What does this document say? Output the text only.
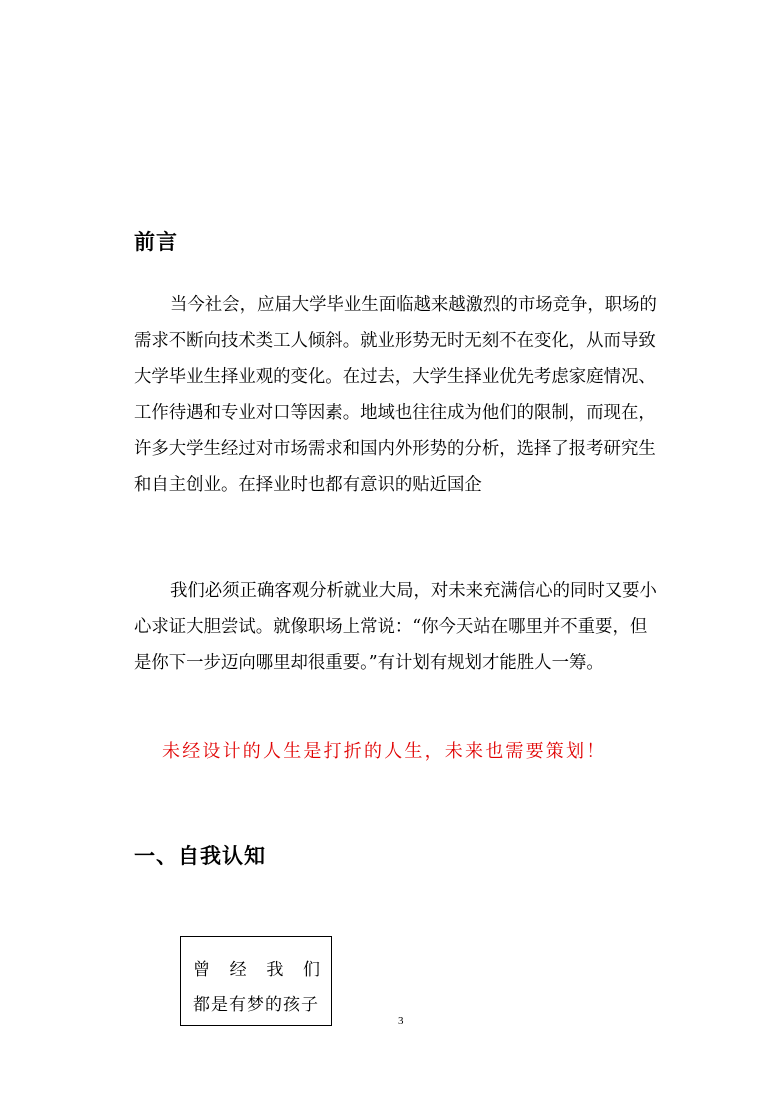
前言
当今社会，应届大学毕业生面临越来越激烈的市场竞争，职场的
需求不断向技术类工人倾斜。就业形势无时无刻不在变化，从而导致
大学毕业生择业观的变化。在过去，大学生择业优先考虑家庭情况、
工作待遇和专业对口等因素。地域也往往成为他们的限制，而现在，
许多大学生经过对市场需求和国内外形势的分析，选择了报考研究生
和自主创业。在择业时也都有意识的贴近国企
我们必须正确客观分析就业大局，对未来充满信心的同时又要小
心求证大胆尝试。就像职场上常说：“你今天站在哪里并不重要，但
是你下一步迈向哪里却很重要。”有计划有规划才能胜人一筹。

未经设计的人生是打折的人生，未来也需要策划！

一、自我认知
曾 经 我 们
都是有梦的孩子
3
